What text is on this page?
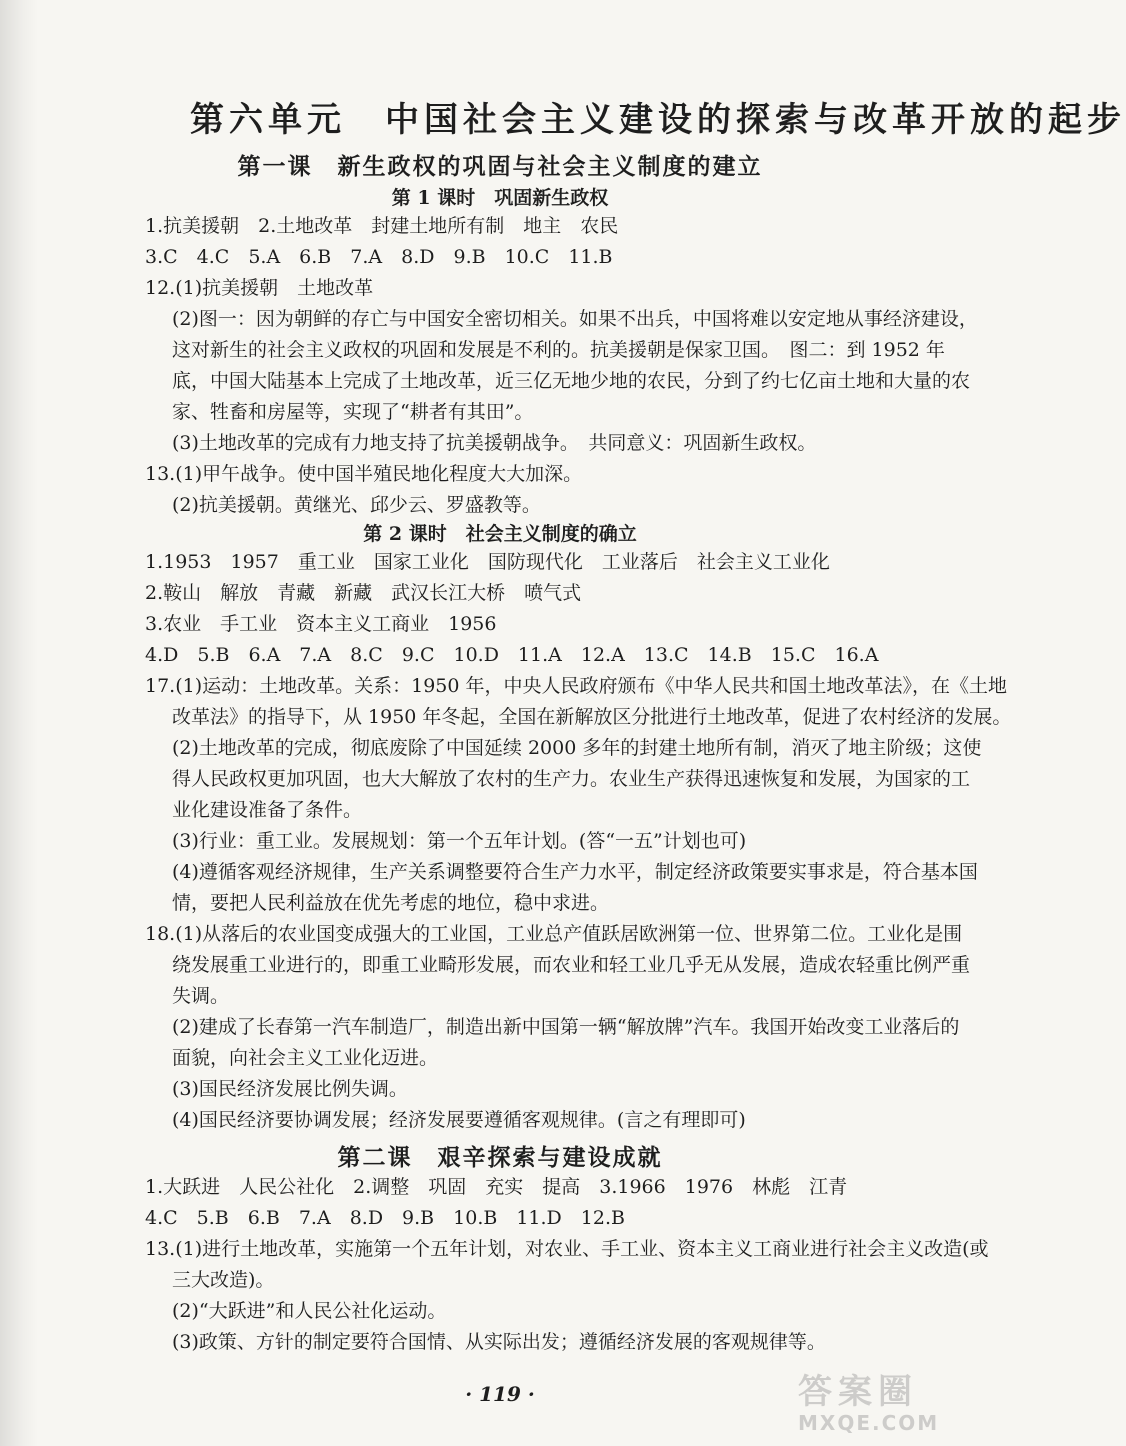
第六单元　中国社会主义建设的探索与改革开放的起步
第一课　新生政权的巩固与社会主义制度的建立
第 1 课时　巩固新生政权
1.抗美援朝　2.土地改革　封建土地所有制　地主　农民
3.C　4.C　5.A　6.B　7.A　8.D　9.B　10.C　11.B
12.(1)抗美援朝　土地改革
(2)图一：因为朝鲜的存亡与中国安全密切相关。如果不出兵，中国将难以安定地从事经济建设，
这对新生的社会主义政权的巩固和发展是不利的。抗美援朝是保家卫国。　图二：到 1952 年
底，中国大陆基本上完成了土地改革，近三亿无地少地的农民，分到了约七亿亩土地和大量的农
家、牲畜和房屋等，实现了“耕者有其田”。
(3)土地改革的完成有力地支持了抗美援朝战争。　共同意义：巩固新生政权。
13.(1)甲午战争。使中国半殖民地化程度大大加深。
(2)抗美援朝。黄继光、邱少云、罗盛教等。
第 2 课时　社会主义制度的确立
1.1953　1957　重工业　国家工业化　国防现代化　工业落后　社会主义工业化
2.鞍山　解放　青藏　新藏　武汉长江大桥　喷气式
3.农业　手工业　资本主义工商业　1956
4.D　5.B　6.A　7.A　8.C　9.C　10.D　11.A　12.A　13.C　14.B　15.C　16.A
17.(1)运动：土地改革。关系：1950 年，中央人民政府颁布《中华人民共和国土地改革法》，在《土地
改革法》的指导下，从 1950 年冬起，全国在新解放区分批进行土地改革，促进了农村经济的发展。
(2)土地改革的完成，彻底废除了中国延续 2000 多年的封建土地所有制，消灭了地主阶级；这使
得人民政权更加巩固，也大大解放了农村的生产力。农业生产获得迅速恢复和发展，为国家的工
业化建设准备了条件。
(3)行业：重工业。发展规划：第一个五年计划。(答“一五”计划也可)
(4)遵循客观经济规律，生产关系调整要符合生产力水平，制定经济政策要实事求是，符合基本国
情，要把人民利益放在优先考虑的地位，稳中求进。
18.(1)从落后的农业国变成强大的工业国，工业总产值跃居欧洲第一位、世界第二位。工业化是围
绕发展重工业进行的，即重工业畸形发展，而农业和轻工业几乎无从发展，造成农轻重比例严重
失调。
(2)建成了长春第一汽车制造厂，制造出新中国第一辆“解放牌”汽车。我国开始改变工业落后的
面貌，向社会主义工业化迈进。
(3)国民经济发展比例失调。
(4)国民经济要协调发展；经济发展要遵循客观规律。(言之有理即可)
第二课　艰辛探索与建设成就
1.大跃进　人民公社化　2.调整　巩固　充实　提高　3.1966　1976　林彪　江青
4.C　5.B　6.B　7.A　8.D　9.B　10.B　11.D　12.B
13.(1)进行土地改革，实施第一个五年计划，对农业、手工业、资本主义工商业进行社会主义改造(或
三大改造)。
(2)“大跃进”和人民公社化运动。
(3)政策、方针的制定要符合国情、从实际出发；遵循经济发展的客观规律等。
· 119 ·	答案圈
MXQE.COM
